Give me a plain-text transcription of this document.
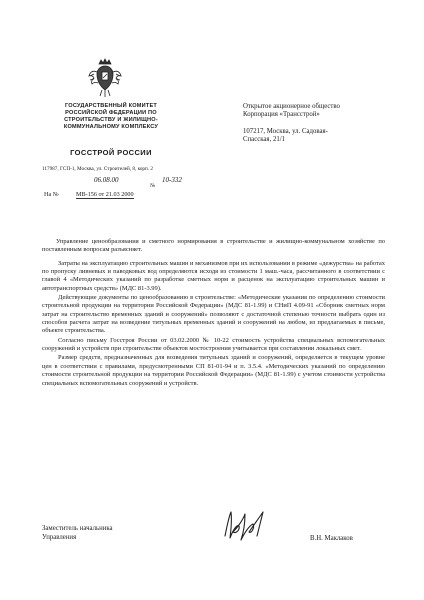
ГОСУДАРСТВЕННЫЙ КОМИТЕТ
РОССИЙСКОЙ ФЕДЕРАЦИИ ПО
СТРОИТЕЛЬСТВУ И ЖИЛИЩНО-
КОММУНАЛЬНОМУ КОМПЛЕКСУ
ГОССТРОЙ РОССИИ
117987, ГСП-1, Москва, ул. Строителей, 8, корп. 2
06.08.00
№
10-332
На №	МВ-156 от 21.03 2000
Открытое акционерное общество
Корпорация «Трансстрой»
107217, Москва, ул. Садовая-
Спасская, 21/1

Управление ценообразования и сметного нормирования в строительстве и жилищно-коммунальном хозяйстве по поставленным вопросам разъясняет.

Затраты на эксплуатацию строительных машин и механизмов при их использовании в режиме «дежурства» на работах по пропуску ливневых и паводковых вод определяются исходя из стоимости 1 маш.-часа, рассчитанного в соответствии с главой 4 «Методических указаний по разработке сметных норм и расценок на эксплуатацию строительных машин и автотранспортных средств» (МДС 81-3.99).

Действующие документы по ценообразованию в строительстве: «Методические указания по определению стоимости строительной продукции на территории Российской Федерации» (МДС 81-1.99) и СНиП 4.09-91 «Сборник сметных норм затрат на строительство временных зданий и сооружений» позволяют с достаточной степенью точности выбрать один из способов расчета затрат на возведение титульных временных зданий и сооружений на любом, из предлагаемых в письме, объекте строительства.

Согласно письму Госстроя России от 03.02.2000 № 10-22 стоимость устройства специальных вспомогательных сооружений и устройств при строительстве объектов мостостроения учитывается при составлении локальных смет.

Размер средств, предназначенных для возведения титульных зданий и сооружений, определяется в текущем уровне цен в соответствии с правилами, предусмотренными СП 81-01-94 и п. 3.5.4. «Методических указаний по определению стоимости строительной продукции на территории Российской Федерации» (МДС 81-1.99) с учетом стоимости устройства специальных вспомогательных сооружений и устройств.

Заместитель начальника
Управления	В.Н. Маклаков
